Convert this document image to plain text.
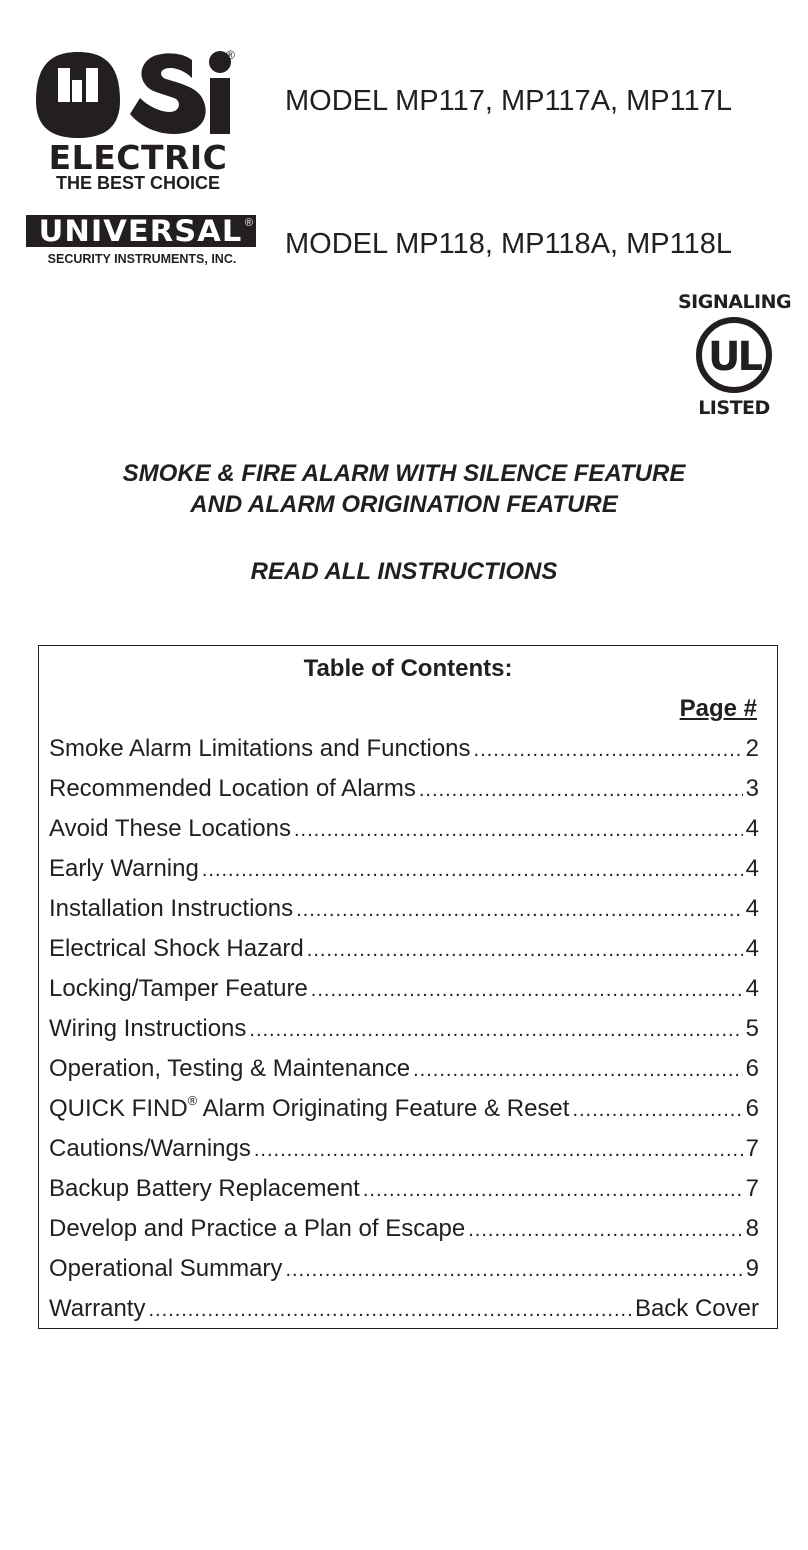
®
ELECTRIC
THE BEST CHOICE
UNIVERSAL ®
SECURITY INSTRUMENTS, INC.
MODEL MP117, MP117A, MP117L
MODEL MP118, MP118A, MP118L
SIGNALING
UL
LISTED
SMOKE & FIRE ALARM WITH SILENCE FEATURE
AND ALARM ORIGINATION FEATURE
READ ALL INSTRUCTIONS
Table of Contents:
Page #
Smoke Alarm Limitations and Functions .....	2
Recommended Location of Alarms .....	3
Avoid These Locations .....	4
Early Warning .....	4
Installation Instructions .....	4
Electrical Shock Hazard .....	4
Locking/Tamper Feature .....	4
Wiring Instructions .....	5
Operation, Testing & Maintenance .....	6
QUICK FIND® Alarm Originating Feature & Reset .....	6
Cautions/Warnings .....	7
Backup Battery Replacement .....	7
Develop and Practice a Plan of Escape .....	8
Operational Summary .....	9
Warranty .....	Back Cover
